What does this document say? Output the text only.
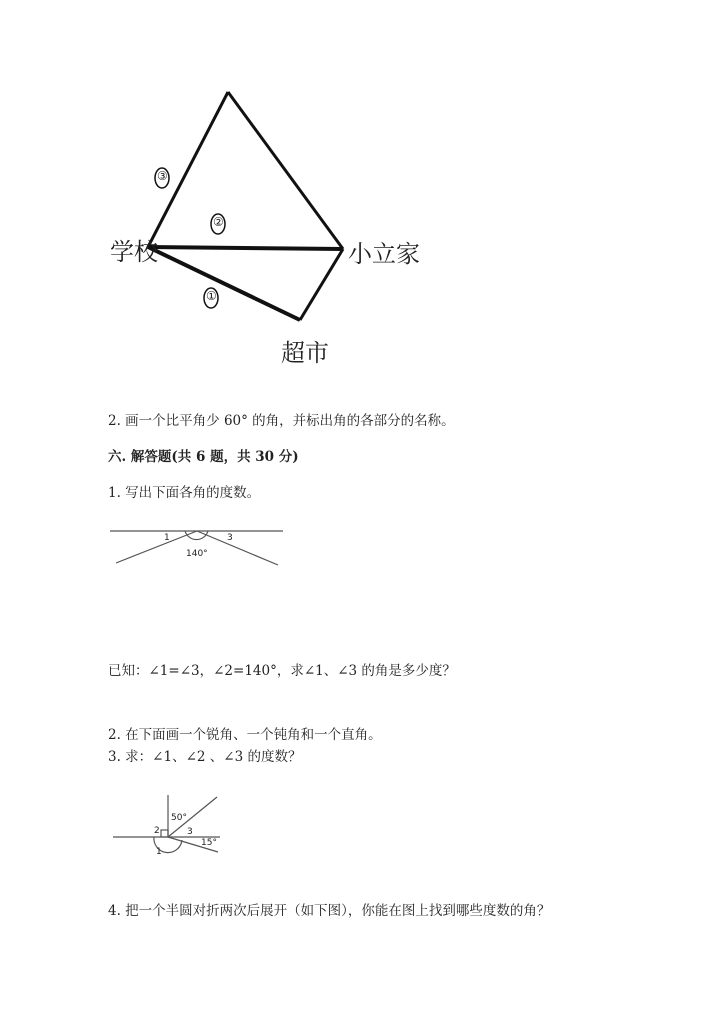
学校	小立家
超市
③
②
①
2. 画一个比平角少 60° 的角，并标出角的各部分的名称。
六. 解答题(共 6 题，共 30 分)
1. 写出下面各角的度数。
1	3
140°
已知：∠1=∠3，∠2=140°，求∠1、∠3 的角是多少度？
2. 在下面画一个锐角、一个钝角和一个直角。
3. 求：∠1、∠2 、∠3 的度数？
50°
2	3
15°
1
4. 把一个半圆对折两次后展开（如下图），你能在图上找到哪些度数的角？
